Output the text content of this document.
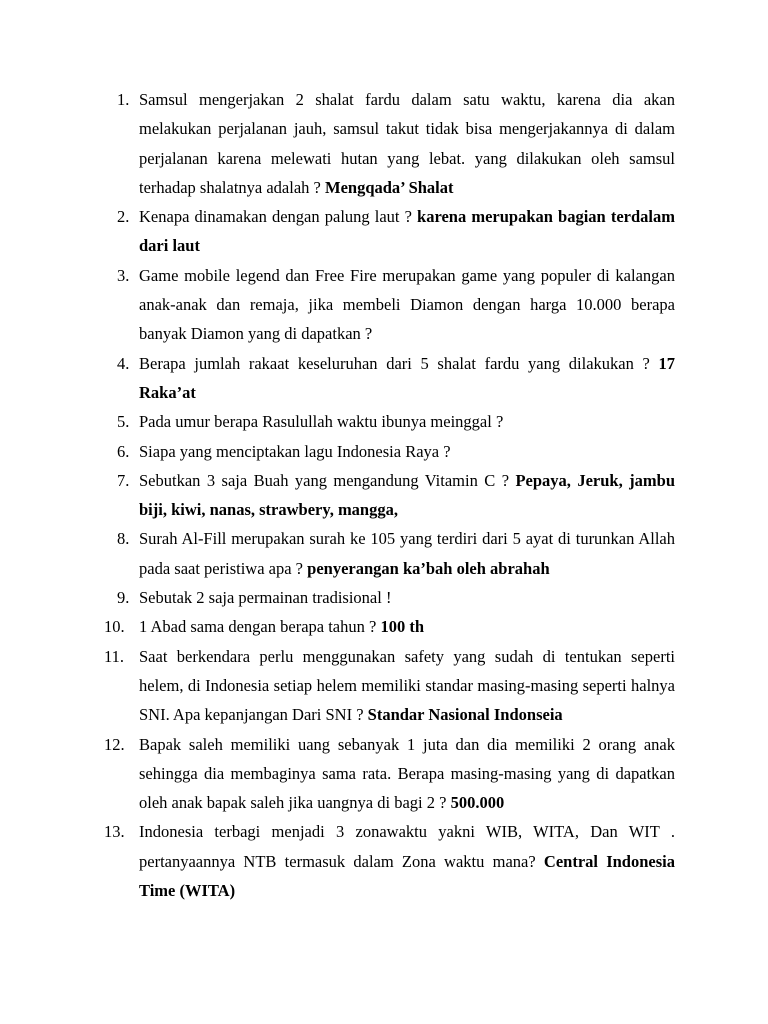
1. Samsul mengerjakan 2 shalat fardu dalam satu waktu, karena dia akan melakukan perjalanan jauh, samsul takut tidak bisa mengerjakannya di dalam perjalanan karena melewati hutan yang lebat. yang dilakukan oleh samsul terhadap shalatnya adalah ? Mengqada’ Shalat
2. Kenapa dinamakan dengan palung laut ? karena merupakan bagian terdalam dari laut
3. Game mobile legend dan Free Fire merupakan game yang populer di kalangan anak-anak dan remaja, jika membeli Diamon dengan harga 10.000 berapa banyak Diamon yang di dapatkan ?
4. Berapa jumlah rakaat keseluruhan dari 5 shalat fardu yang dilakukan ? 17 Raka’at
5. Pada umur berapa Rasulullah waktu ibunya meinggal ?
6. Siapa yang menciptakan lagu Indonesia Raya ?
7. Sebutkan 3 saja Buah yang mengandung Vitamin C ? Pepaya, Jeruk, jambu biji, kiwi, nanas, strawbery, mangga,
8. Surah Al-Fill merupakan surah ke 105 yang terdiri dari 5 ayat di turunkan Allah pada saat peristiwa apa ? penyerangan ka’bah oleh abrahah
9. Sebutak 2 saja permainan tradisional !
10. 1 Abad sama dengan berapa tahun ? 100 th
11. Saat berkendara perlu menggunakan safety yang sudah di tentukan seperti helem, di Indonesia setiap helem memiliki standar masing-masing seperti halnya SNI. Apa kepanjangan Dari SNI ? Standar Nasional Indonseia
12. Bapak saleh memiliki uang sebanyak 1 juta dan dia memiliki 2 orang anak sehingga dia membaginya sama rata. Berapa masing-masing yang di dapatkan oleh anak bapak saleh jika uangnya di bagi 2 ? 500.000
13. Indonesia terbagi menjadi 3 zonawaktu yakni WIB, WITA, Dan WIT . pertanyaannya NTB termasuk dalam Zona waktu mana? Central Indonesia Time (WITA)
